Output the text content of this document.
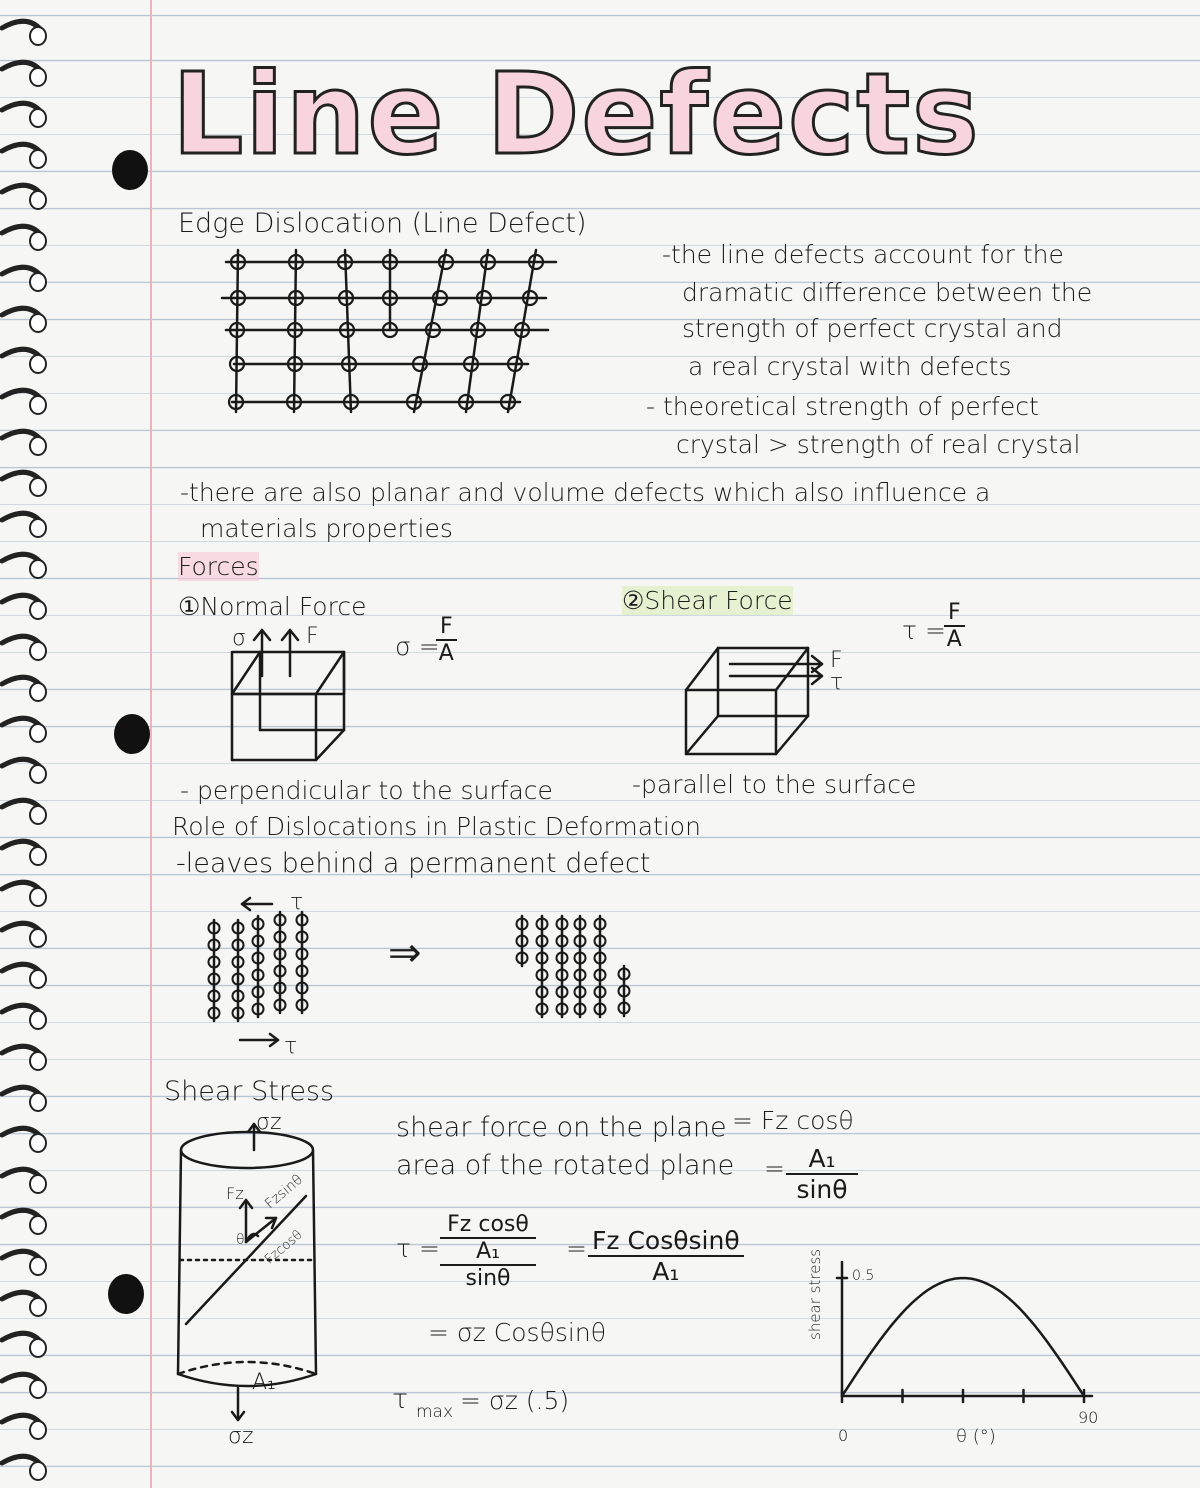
Line Defects
Edge Dislocation (Line Defect)
-the line defects account for the
dramatic difference between the
strength of perfect crystal and
a real crystal with defects
- theoretical strength of perfect
crystal > strength of real crystal
-there are also planar and volume defects which also influence a
materials properties
Forces
①Normal Force
σ	F	σ =
$\frac{F}{A}$
- perpendicular to the surface
②Shear Force
τ =
$\frac{F}{A}$
F
τ
-parallel to the surface
Role of Dislocations in Plastic Deformation
-leaves behind a permanent defect
τ
τ
⇒
Shear Stress
σz
σz
Fz Fzsinθ
Fzcosθ
θ
A₁
shear force on the plane = Fz cosθ
area of the rotated plane = $\frac{\text{A₁}}{\sin\theta}$
τ =
Fz cosθ
A₁
sinθ
= Fz Cosθsinθ
A₁
= σz Cosθsinθ
τ max = σz (.5)
shear stress 0.5
0
90
θ (°)
